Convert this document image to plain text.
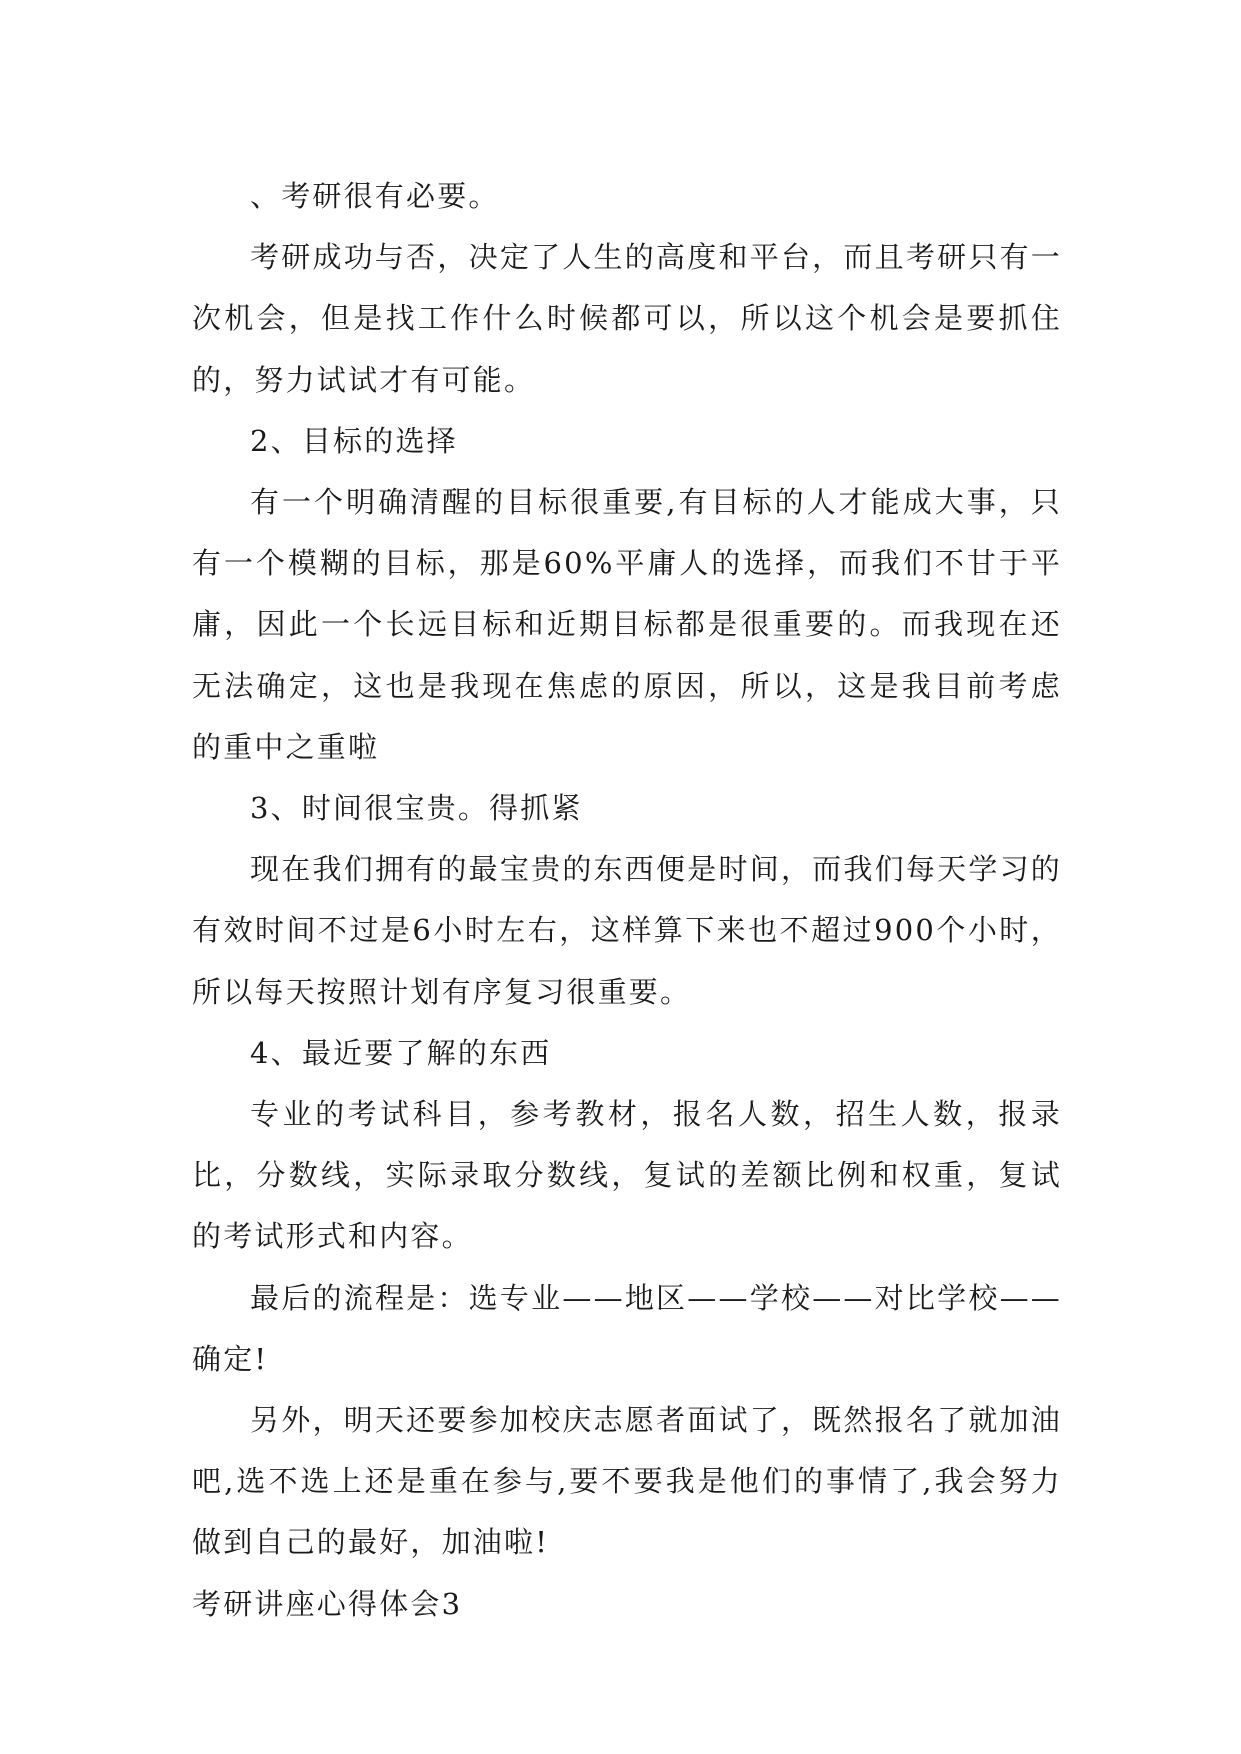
、考研很有必要。

考研成功与否，决定了人生的高度和平台，而且考研只有一次机会，但是找工作什么时候都可以，所以这个机会是要抓住的，努力试试才有可能。

2、目标的选择

有一个明确清醒的目标很重要,有目标的人才能成大事，只有一个模糊的目标，那是60%平庸人的选择，而我们不甘于平庸，因此一个长远目标和近期目标都是很重要的。而我现在还无法确定，这也是我现在焦虑的原因，所以，这是我目前考虑的重中之重啦

3、时间很宝贵。得抓紧

现在我们拥有的最宝贵的东西便是时间，而我们每天学习的有效时间不过是6小时左右，这样算下来也不超过900个小时，所以每天按照计划有序复习很重要。

4、最近要了解的东西

专业的考试科目，参考教材，报名人数，招生人数，报录比，分数线，实际录取分数线，复试的差额比例和权重，复试的考试形式和内容。

最后的流程是：选专业——地区——学校——对比学校——确定!

另外，明天还要参加校庆志愿者面试了，既然报名了就加油吧,选不选上还是重在参与,要不要我是他们的事情了,我会努力做到自己的最好，加油啦!

考研讲座心得体会3
